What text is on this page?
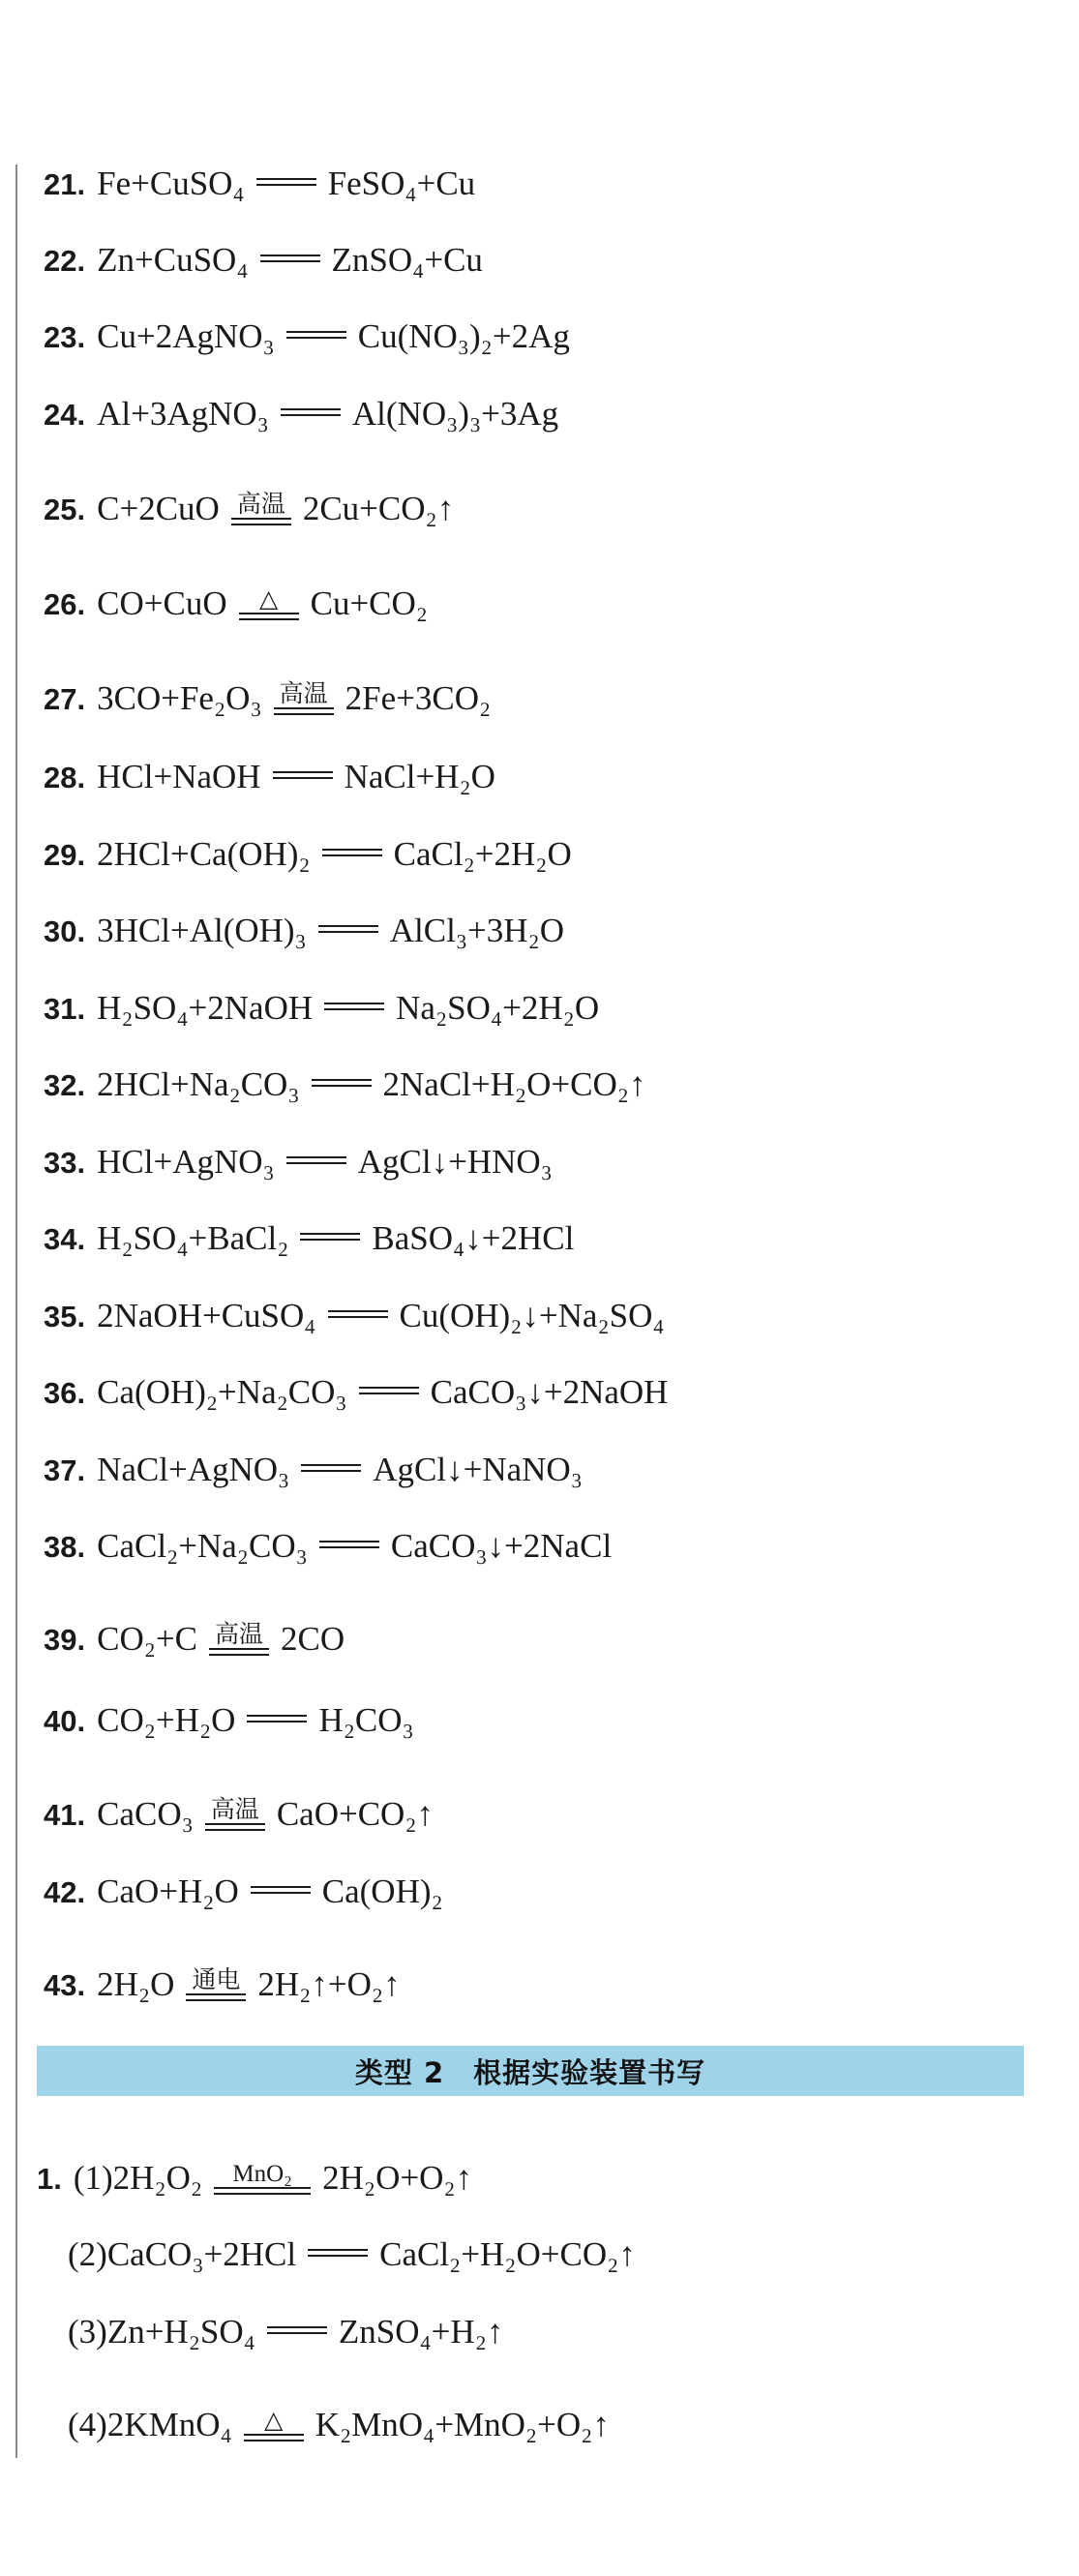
21. Fe+CuSO₄ FeSO₄+Cu
22. Zn+CuSO₄ ZnSO₄+Cu
23. Cu+2AgNO₃ Cu(NO₃)₂+2Ag
24. Al+3AgNO₃ Al(NO₃)₃+3Ag
25. C+2CuO 高温 2Cu+CO₂↑
26. CO+CuO △ Cu+CO₂
27. 3CO+Fe₂O₃ 高温 2Fe+3CO₂
28. HCl+NaOH NaCl+H₂O
29. 2HCl+Ca(OH)₂ CaCl₂+2H₂O
30. 3HCl+Al(OH)₃ AlCl₃+3H₂O
31. H₂SO₄+2NaOH Na₂SO₄+2H₂O
32. 2HCl+Na₂CO₃ 2NaCl+H₂O+CO₂↑
33. HCl+AgNO₃ AgCl↓+HNO₃
34. H₂SO₄+BaCl₂ BaSO₄↓+2HCl
35. 2NaOH+CuSO₄ Cu(OH)₂↓+Na₂SO₄
36. Ca(OH)₂+Na₂CO₃ CaCO₃↓+2NaOH
37. NaCl+AgNO₃ AgCl↓+NaNO₃
38. CaCl₂+Na₂CO₃ CaCO₃↓+2NaCl
39. CO₂+C 高温 2CO
40. CO₂+H₂O H₂CO₃
41. CaCO₃ 高温 CaO+CO₂↑
42. CaO+H₂O Ca(OH)₂
43. 2H₂O 通电 2H₂↑+O₂↑
类型 2　根据实验装置书写
1. (1) 2H₂O₂ MnO₂ 2H₂O+O₂↑
(2) CaCO₃+2HCl CaCl₂+H₂O+CO₂↑
(3) Zn+H₂SO₄ ZnSO₄+H₂↑
(4) 2KMnO₄ △ K₂MnO₄+MnO₂+O₂↑
